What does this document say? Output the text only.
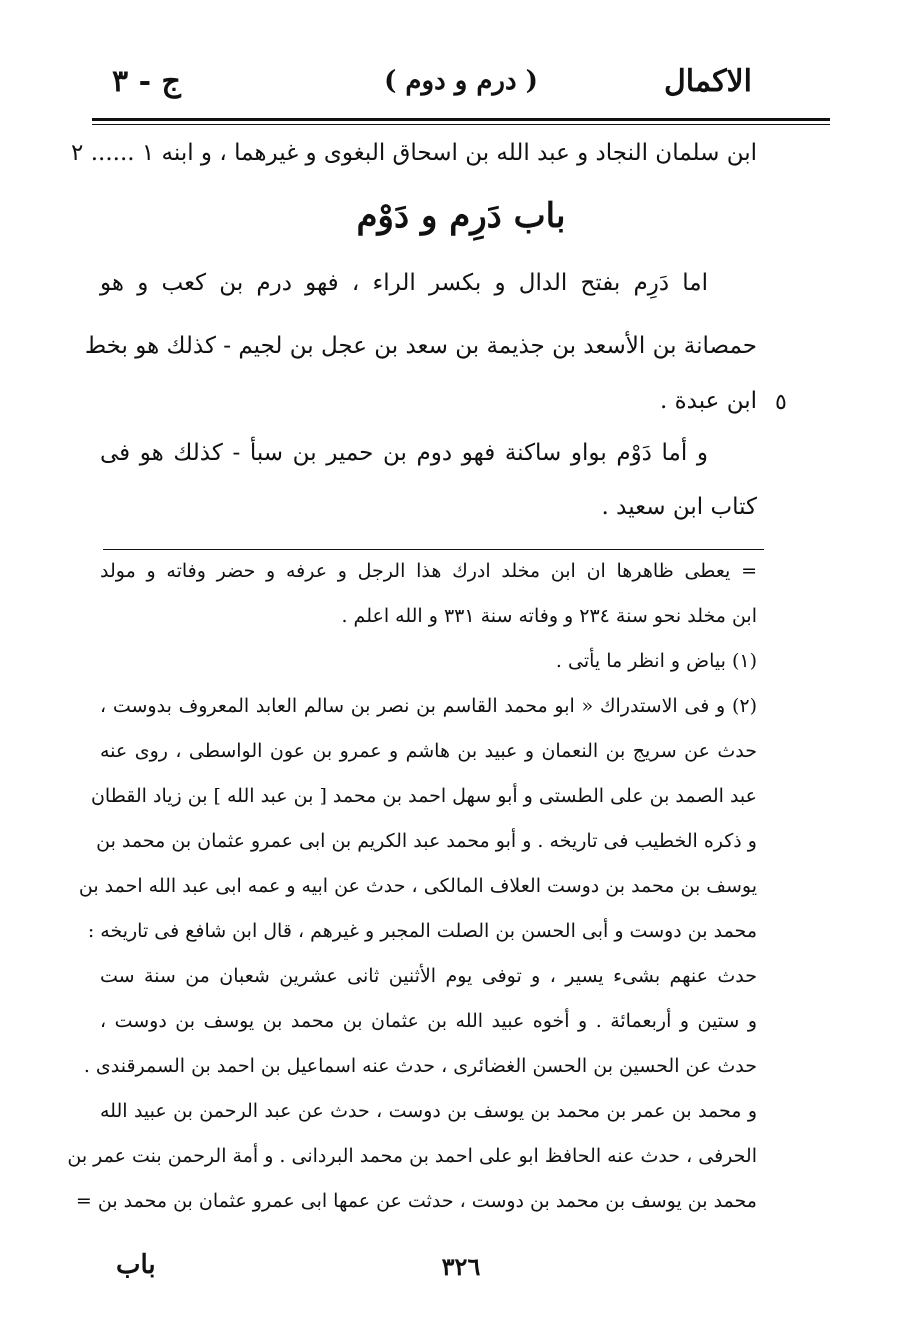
الاكمال
( درم و دوم )
ج - ٣
ابن سلمان النجاد و عبد الله بن اسحاق البغوى و غيرهما ، و ابنه ١ ...... ٢
باب دَرِم و دَوْم
اما دَرِم بفتح الدال و بكسر الراء ، فهو درم بن كعب و هو
حمصانة بن الأسعد بن جذيمة بن سعد بن عجل بن لجيم - كذلك هو بخط
ابن عبدة . ٥
و أما دَوْم بواو ساكنة فهو دوم بن حمير بن سبأ - كذلك هو فى
كتاب ابن سعيد .
= يعطى ظاهرها ان ابن مخلد ادرك هذا الرجل و عرفه و حضر وفاته و مولد
ابن مخلد نحو سنة ٢٣٤ و وفاته سنة ٣٣١ و الله اعلم .
(١) بياض و انظر ما يأتى .
(٢) و فى الاستدراك « ابو محمد القاسم بن نصر بن سالم العابد المعروف بدوست ،
حدث عن سريج بن النعمان و عبيد بن هاشم و عمرو بن عون الواسطى ، روى عنه
عبد الصمد بن على الطستى و أبو سهل احمد بن محمد [ بن عبد الله ] بن زياد القطان
و ذكره الخطيب فى تاريخه . و أبو محمد عبد الكريم بن ابى عمرو عثمان بن محمد بن
يوسف بن محمد بن دوست العلاف المالكى ، حدث عن ابيه و عمه ابى عبد الله احمد بن
محمد بن دوست و أبى الحسن بن الصلت المجبر و غيرهم ، قال ابن شافع فى تاريخه :
حدث عنهم بشىء يسير ، و توفى يوم الأثنين ثانى عشرين شعبان من سنة ست
و ستين و أربعمائة . و أخوه عبيد الله بن عثمان بن محمد بن يوسف بن دوست ،
حدث عن الحسين بن الحسن الغضائرى ، حدث عنه اسماعيل بن احمد بن السمرقندى .
و محمد بن عمر بن محمد بن يوسف بن دوست ، حدث عن عبد الرحمن بن عبيد الله
الحرفى ، حدث عنه الحافظ ابو على احمد بن محمد البردانى . و أمة الرحمن بنت عمر بن
محمد بن يوسف بن محمد بن دوست ، حدثت عن عمها ابى عمرو عثمان بن محمد بن =
٣٢٦
باب
